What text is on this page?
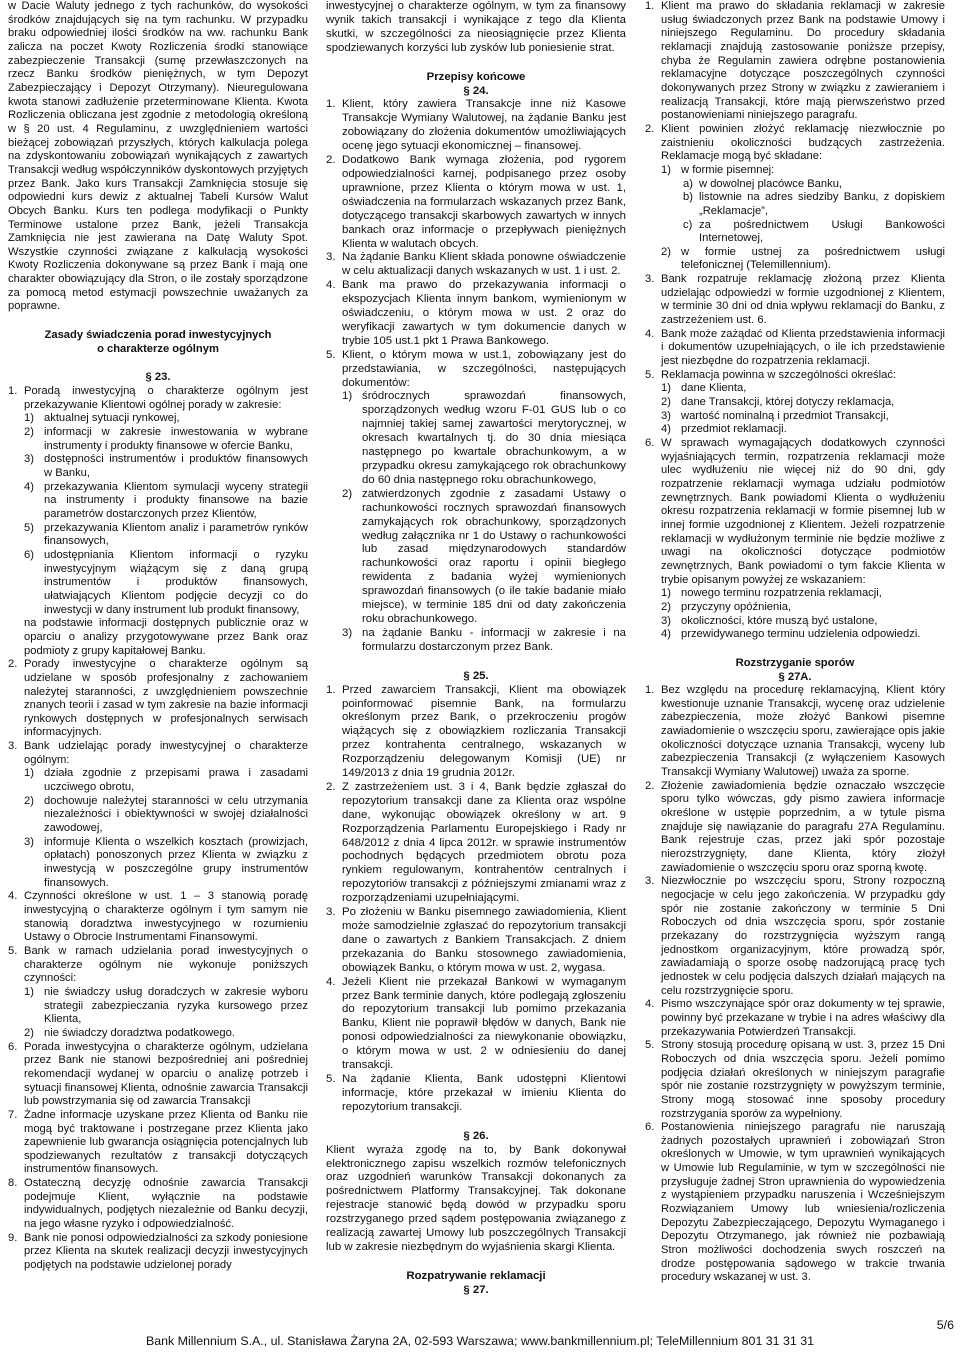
w Dacie Waluty jednego z tych rachunków, do wysokości środków znajdujących się na tym rachunku. W przypadku braku odpowiedniej ilości środków na ww. rachunku Bank zalicza na poczet Kwoty Rozliczenia środki stanowiące zabezpieczenie Transakcji (sumę przewłaszczonych na rzecz Banku środków pieniężnych, w tym Depozyt Zabezpieczający i Depozyt Otrzymany). Nieuregulowana kwota stanowi zadłużenie przeterminowane Klienta. Kwota Rozliczenia obliczana jest zgodnie z metodologią określoną w § 20 ust. 4 Regulaminu, z uwzględnieniem wartości bieżącej zobowiązań przyszłych, których kalkulacja polega na zdyskontowaniu zobowiązań wynikających z zawartych Transakcji według współczynników dyskontowych przyjętych przez Bank. Jako kurs Transakcji Zamknięcia stosuje się odpowiedni kurs dewiz z aktualnej Tabeli Kursów Walut Obcych Banku. Kurs ten podlega modyfikacji o Punkty Terminowe ustalone przez Bank, jeżeli Transakcja Zamknięcia nie jest zawierana na Datę Waluty Spot. Wszystkie czynności związane z kalkulacją wysokości Kwoty Rozliczenia dokonywane są przez Bank i mają one charakter obowiązujący dla Stron, o ile zostały sporządzone za pomocą metod estymacji powszechnie uważanych za poprawne.

Zasady świadczenia porad inwestycyjnych

o charakterze ogólnym

§ 23.

1. Poradą inwestycyjną o charakterze ogólnym jest przekazywanie Klientowi ogólnej porady w zakresie:
1) aktualnej sytuacji rynkowej,
2) informacji w zakresie inwestowania w wybrane instrumenty i produkty finansowe w ofercie Banku,
3) dostępności instrumentów i produktów finansowych w Banku,
4) przekazywania Klientom symulacji wyceny strategii na instrumenty i produkty finansowe na bazie parametrów dostarczonych przez Klientów,
5) przekazywania Klientom analiz i parametrów rynków finansowych,
6) udostępniania Klientom informacji o ryzyku inwestycyjnym wiążącym się z daną grupą instrumentów i produktów finansowych, ułatwiających Klientom podjęcie decyzji co do inwestycji w dany instrument lub produkt finansowy,
na podstawie informacji dostępnych publicznie oraz w oparciu o analizy przygotowywane przez Bank oraz podmioty z grupy kapitałowej Banku.
2. Porady inwestycyjne o charakterze ogólnym są udzielane w sposób profesjonalny z zachowaniem należytej staranności, z uwzględnieniem powszechnie znanych teorii i zasad w tym zakresie na bazie informacji rynkowych dostępnych w profesjonalnych serwisach informacyjnych.
3. Bank udzielając porady inwestycyjnej o charakterze ogólnym:
1) działa zgodnie z przepisami prawa i zasadami uczciwego obrotu,
2) dochowuje należytej staranności w celu utrzymania niezależności i obiektywności w swojej działalności zawodowej,
3) informuje Klienta o wszelkich kosztach (prowizjach, opłatach) ponoszonych przez Klienta w związku z inwestycją w poszczególne grupy instrumentów finansowych.
4. Czynności określone w ust. 1 – 3 stanowią poradę inwestycyjną o charakterze ogólnym i tym samym nie stanowią doradztwa inwestycyjnego w rozumieniu Ustawy o Obrocie Instrumentami Finansowymi.
5. Bank w ramach udzielania porad inwestycyjnych o charakterze ogólnym nie wykonuje poniższych czynności:
1) nie świadczy usług doradczych w zakresie wyboru strategii zabezpieczania ryzyka kursowego przez Klienta,
2) nie świadczy doradztwa podatkowego.
6. Porada inwestycyjna o charakterze ogólnym, udzielana przez Bank nie stanowi bezpośredniej ani pośredniej rekomendacji wydanej w oparciu o analizę potrzeb i sytuacji finansowej Klienta, odnośnie zawarcia Transakcji lub powstrzymania się od zawarcia Transakcji
7. Żadne informacje uzyskane przez Klienta od Banku nie mogą być traktowane i postrzegane przez Klienta jako zapewnienie lub gwarancja osiągnięcia potencjalnych lub spodziewanych rezultatów z transakcji dotyczących instrumentów finansowych.
8. Ostateczną decyzję odnośnie zawarcia Transakcji podejmuje Klient, wyłącznie na podstawie indywidualnych, podjętych niezależnie od Banku decyzji, na jego własne ryzyko i odpowiedzialność.
9. Bank nie ponosi odpowiedzialności za szkody poniesione przez Klienta na skutek realizacji decyzji inwestycyjnych podjętych na podstawie udzielonej porady

inwestycyjnej o charakterze ogólnym, w tym za finansowy wynik takich transakcji i wynikające z tego dla Klienta skutki, w szczególności za nieosiągnięcie przez Klienta spodziewanych korzyści lub zysków lub poniesienie strat.

Przepisy końcowe

§ 24.

1. Klient, który zawiera Transakcje inne niż Kasowe Transakcje Wymiany Walutowej, na żądanie Banku jest zobowiązany do złożenia dokumentów umożliwiających ocenę jego sytuacji ekonomicznej – finansowej.
2. Dodatkowo Bank wymaga złożenia, pod rygorem odpowiedzialności karnej, podpisanego przez osoby uprawnione, przez Klienta o którym mowa w ust. 1, oświadczenia na formularzach wskazanych przez Bank, dotyczącego transakcji skarbowych zawartych w innych bankach oraz informacje o przepływach pieniężnych Klienta w walutach obcych.
3. Na żądanie Banku Klient składa ponowne oświadczenie w celu aktualizacji danych wskazanych w ust. 1 i ust. 2.
4. Bank ma prawo do przekazywania informacji o ekspozycjach Klienta innym bankom, wymienionym w oświadczeniu, o którym mowa w ust. 2 oraz do weryfikacji zawartych w tym dokumencie danych w trybie 105 ust.1 pkt 1 Prawa Bankowego.
5. Klient, o którym mowa w ust.1, zobowiązany jest do przedstawiania, w szczególności, następujących dokumentów:
1) śródrocznych sprawozdań finansowych, sporządzonych według wzoru F-01 GUS lub o co najmniej takiej samej zawartości merytorycznej, w okresach kwartalnych tj. do 30 dnia miesiąca następnego po kwartale obrachunkowym, a w przypadku okresu zamykającego rok obrachunkowy do 60 dnia następnego roku obrachunkowego,
2) zatwierdzonych zgodnie z zasadami Ustawy o rachunkowości rocznych sprawozdań finansowych zamykających rok obrachunkowy, sporządzonych według załącznika nr 1 do Ustawy o rachunkowości lub zasad międzynarodowych standardów rachunkowości oraz raportu i opinii biegłego rewidenta z badania wyżej wymienionych sprawozdań finansowych (o ile takie badanie miało miejsce), w terminie 185 dni od daty zakończenia roku obrachunkowego.
3) na żądanie Banku - informacji w zakresie i na formularzu dostarczonym przez Bank.

§ 25.

1. Przed zawarciem Transakcji, Klient ma obowiązek poinformować pisemnie Bank, na formularzu określonym przez Bank, o przekroczeniu progów wiążących się z obowiązkiem rozliczania Transakcji przez kontrahenta centralnego, wskazanych w Rozporządzeniu delegowanym Komisji (UE) nr 149/2013 z dnia 19 grudnia 2012r.
2. Z zastrzeżeniem ust. 3 i 4, Bank będzie zgłaszał do repozytorium transakcji dane za Klienta oraz wspólne dane, wykonując obowiązek określony w art. 9 Rozporządzenia Parlamentu Europejskiego i Rady nr 648/2012 z dnia 4 lipca 2012r. w sprawie instrumentów pochodnych będących przedmiotem obrotu poza rynkiem regulowanym, kontrahentów centralnych i repozytoriów transakcji z późniejszymi zmianami wraz z rozporządzeniami uzupełniającymi.
3. Po złożeniu w Banku pisemnego zawiadomienia, Klient może samodzielnie zgłaszać do repozytorium transakcji dane o zawartych z Bankiem Transakcjach. Z dniem przekazania do Banku stosownego zawiadomienia, obowiązek Banku, o którym mowa w ust. 2, wygasa.
4. Jeżeli Klient nie przekazał Bankowi w wymaganym przez Bank terminie danych, które podlegają zgłoszeniu do repozytorium transakcji lub pomimo przekazania Banku, Klient nie poprawił błędów w danych, Bank nie ponosi odpowiedzialności za niewykonanie obowiązku, o którym mowa w ust. 2 w odniesieniu do danej transakcji.
5. Na żądanie Klienta, Bank udostępni Klientowi informacje, które przekazał w imieniu Klienta do repozytorium transakcji.

§ 26.

Klient wyraża zgodę na to, by Bank dokonywał elektronicznego zapisu wszelkich rozmów telefonicznych oraz uzgodnień warunków Transakcji dokonanych za pośrednictwem Platformy Transakcyjnej. Tak dokonane rejestracje stanowić będą dowód w przypadku sporu rozstrzyganego przed sądem postępowania związanego z realizacją zawartej Umowy lub poszczególnych Transakcji lub w zakresie niezbędnym do wyjaśnienia skargi Klienta.

Rozpatrywanie reklamacji

§ 27.

1. Klient ma prawo do składania reklamacji w zakresie usług świadczonych przez Bank na podstawie Umowy i niniejszego Regulaminu. Do procedury składania reklamacji znajdują zastosowanie poniższe przepisy, chyba że Regulamin zawiera odrębne postanowienia reklamacyjne dotyczące poszczególnych czynności dokonywanych przez Strony w związku z zawieraniem i realizacją Transakcji, które mają pierwszeństwo przed postanowieniami niniejszego paragrafu.
2. Klient powinien złożyć reklamację niezwłocznie po zaistnieniu okoliczności budzących zastrzeżenia. Reklamacje mogą być składane:
1) w formie pisemnej:
a) w dowolnej placówce Banku,
b) listownie na adres siedziby Banku, z dopiskiem „Reklamacje”,
c) za pośrednictwem Usługi Bankowości Internetowej,
2) w formie ustnej za pośrednictwem usługi telefonicznej (Telemillennium).
3. Bank rozpatruje reklamację złożoną przez Klienta udzielając odpowiedzi w formie uzgodnionej z Klientem, w terminie 30 dni od dnia wpływu reklamacji do Banku, z zastrzeżeniem ust. 6.
4. Bank może zażądać od Klienta przedstawienia informacji i dokumentów uzupełniających, o ile ich przedstawienie jest niezbędne do rozpatrzenia reklamacji.
5. Reklamacja powinna w szczególności określać:
1) dane Klienta,
2) dane Transakcji, której dotyczy reklamacja,
3) wartość nominalną i przedmiot Transakcji,
4) przedmiot reklamacji.
6. W sprawach wymagających dodatkowych czynności wyjaśniających termin, rozpatrzenia reklamacji może ulec wydłużeniu nie więcej niż do 90 dni, gdy rozpatrzenie reklamacji wymaga udziału podmiotów zewnętrznych. Bank powiadomi Klienta o wydłużeniu okresu rozpatrzenia reklamacji w formie pisemnej lub w innej formie uzgodnionej z Klientem. Jeżeli rozpatrzenie reklamacji w wydłużonym terminie nie będzie możliwe z uwagi na okoliczności dotyczące podmiotów zewnętrznych, Bank powiadomi o tym fakcie Klienta w trybie opisanym powyżej ze wskazaniem:
1) nowego terminu rozpatrzenia reklamacji,
2) przyczyny opóźnienia,
3) okoliczności, które muszą być ustalone,
4) przewidywanego terminu udzielenia odpowiedzi.

Rozstrzyganie sporów

§ 27A.

1. Bez względu na procedurę reklamacyjną, Klient który kwestionuje uznanie Transakcji, wycenę oraz udzielenie zabezpieczenia, może złożyć Bankowi pisemne zawiadomienie o wszczęciu sporu, zawierające opis jakie okoliczności dotyczące uznania Transakcji, wyceny lub zabezpieczenia Transakcji (z wyłączeniem Kasowych Transakcji Wymiany Walutowej) uważa za sporne.
2. Złożenie zawiadomienia będzie oznaczało wszczęcie sporu tylko wówczas, gdy pismo zawiera informacje określone w ustępie poprzednim, a w tytule pisma znajduje się nawiązanie do paragrafu 27A Regulaminu. Bank rejestruje czas, przez jaki spór pozostaje nierozstrzygnięty, dane Klienta, który złożył zawiadomienie o wszczęciu sporu oraz sporną kwotę.
3. Niezwłocznie po wszczęciu sporu, Strony rozpoczną negocjacje w celu jego zakończenia. W przypadku gdy spór nie zostanie zakończony w terminie 5 Dni Roboczych od dnia wszczęcia sporu, spór zostanie przekazany do rozstrzygnięcia wyższym rangą jednostkom organizacyjnym, które prowadzą spór, zawiadamiają o sporze osobę nadzorującą pracę tych jednostek w celu podjęcia dalszych działań mających na celu rozstrzygnięcie sporu.
4. Pismo wszczynające spór oraz dokumenty w tej sprawie, powinny być przekazane w trybie i na adres właściwy dla przekazywania Potwierdzeń Transakcji.
5. Strony stosują procedurę opisaną w ust. 3, przez 15 Dni Roboczych od dnia wszczęcia sporu. Jeżeli pomimo podjęcia działań określonych w niniejszym paragrafie spór nie zostanie rozstrzygnięty w powyższym terminie, Strony mogą stosować inne sposoby procedury rozstrzygania sporów za wypełniony.
6. Postanowienia niniejszego paragrafu nie naruszają żadnych pozostałych uprawnień i zobowiązań Stron określonych w Umowie, w tym uprawnień wynikających w Umowie lub Regulaminie, w tym w szczególności nie przysługuje żadnej Stron uprawnienia do wypowiedzenia z wystąpieniem przypadku naruszenia i Wcześniejszym Rozwiązaniem Umowy lub wniesienia/rozliczenia Depozytu Zabezpieczającego, Depozytu Wymaganego i Depozytu Otrzymanego, jak również nie pozbawiają Stron możliwości dochodzenia swych roszczeń na drodze postępowania sądowego w trakcie trwania procedury wskazanej w ust. 3.
5/6
Bank Millennium S.A., ul. Stanisława Żaryna 2A, 02-593 Warszawa; www.bankmillennium.pl; TeleMillennium 801 31 31 31
